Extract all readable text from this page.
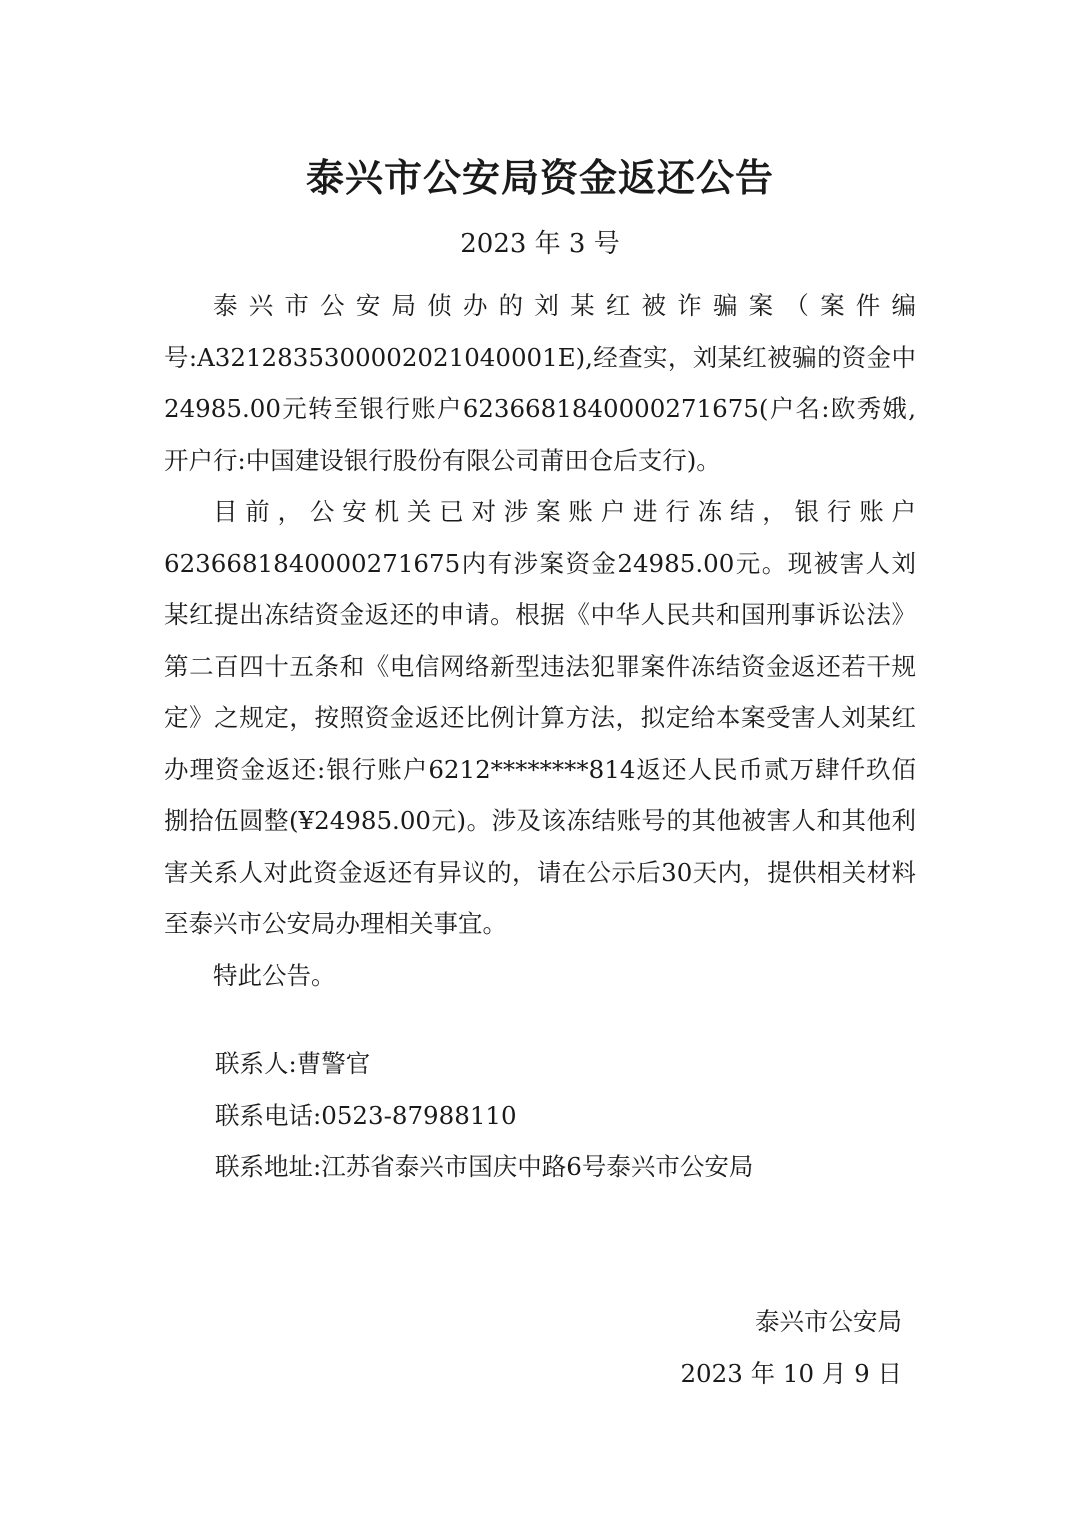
泰兴市公安局资金返还公告
2023 年 3 号

泰兴市公安局侦办的刘某红被诈骗案（案件编号:A3212835300002021040001E),经查实，刘某红被骗的资金中24985.00元转至银行账户6236681840000271675(户名:欧秀娥,开户行:中国建设银行股份有限公司莆田仓后支行)。

目前，公安机关已对涉案账户进行冻结，银行账户6236681840000271675内有涉案资金24985.00元。现被害人刘某红提出冻结资金返还的申请。根据《中华人民共和国刑事诉讼法》第二百四十五条和《电信网络新型违法犯罪案件冻结资金返还若干规定》之规定，按照资金返还比例计算方法，拟定给本案受害人刘某红办理资金返还:银行账户6212********814返还人民币贰万肆仟玖佰捌拾伍圆整(¥24985.00元)。涉及该冻结账号的其他被害人和其他利害关系人对此资金返还有异议的，请在公示后30天内，提供相关材料至泰兴市公安局办理相关事宜。

特此公告。

联系人:曹警官
联系电话:0523-87988110
联系地址:江苏省泰兴市国庆中路6号泰兴市公安局
泰兴市公安局
2023 年 10 月 9 日
